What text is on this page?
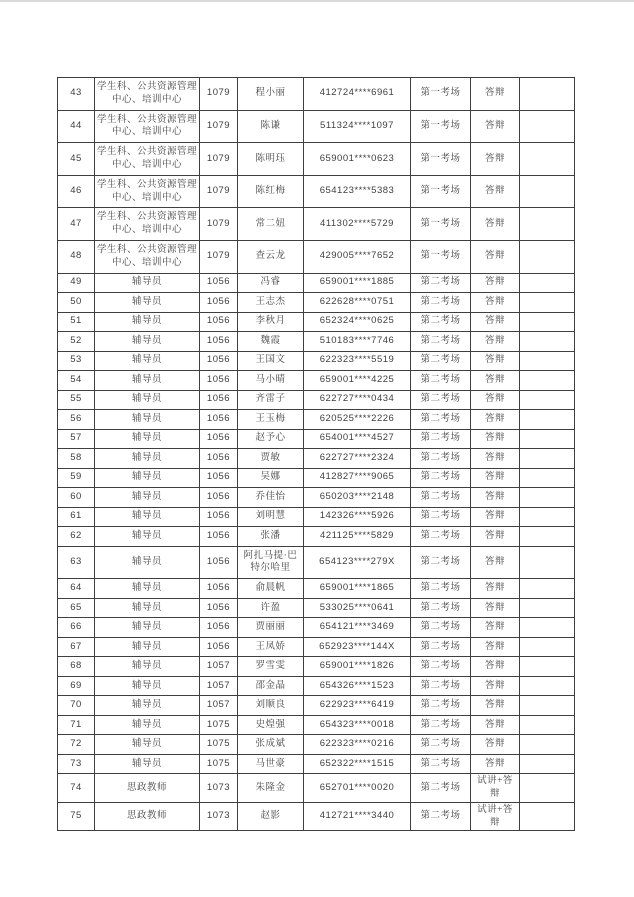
43	学生科、公共资源管理中心、培训中心	1079	程小丽	412724****6961	第一考场	答辩	
44	学生科、公共资源管理中心、培训中心	1079	陈谦	511324****1097	第一考场	答辩	
45	学生科、公共资源管理中心、培训中心	1079	陈明珏	659001****0623	第一考场	答辩	
46	学生科、公共资源管理中心、培训中心	1079	陈红梅	654123****5383	第一考场	答辩	
47	学生科、公共资源管理中心、培训中心	1079	常二妞	411302****5729	第一考场	答辩	
48	学生科、公共资源管理中心、培训中心	1079	查云龙	429005****7652	第一考场	答辩	
49	辅导员	1056	冯睿	659001****1885	第二考场	答辩	
50	辅导员	1056	王志杰	622628****0751	第二考场	答辩	
51	辅导员	1056	李秋月	652324****0625	第二考场	答辩	
52	辅导员	1056	魏霞	510183****7746	第二考场	答辩	
53	辅导员	1056	王国文	622323****5519	第二考场	答辩	
54	辅导员	1056	马小晴	659001****4225	第二考场	答辩	
55	辅导员	1056	齐雷子	622727****0434	第二考场	答辩	
56	辅导员	1056	王玉梅	620525****2226	第二考场	答辩	
57	辅导员	1056	赵予心	654001****4527	第二考场	答辩	
58	辅导员	1056	贾敏	622727****2324	第二考场	答辩	
59	辅导员	1056	吴娜	412827****9065	第二考场	答辩	
60	辅导员	1056	乔佳怡	650203****2148	第二考场	答辩	
61	辅导员	1056	刘明慧	142326****5926	第二考场	答辩	
62	辅导员	1056	张潘	421125****5829	第二考场	答辩	
63	辅导员	1056	阿扎马提·巴特尔哈里	654123****279X	第二考场	答辩	
64	辅导员	1056	俞晨帆	659001****1865	第二考场	答辩	
65	辅导员	1056	许盈	533025****0641	第二考场	答辩	
66	辅导员	1056	贾丽丽	654121****3469	第二考场	答辩	
67	辅导员	1056	王凤娇	652923****144X	第二考场	答辩	
68	辅导员	1057	罗雪雯	659001****1826	第二考场	答辩	
69	辅导员	1057	邵金晶	654326****1523	第二考场	答辩	
70	辅导员	1057	刘顺良	622923****6419	第二考场	答辩	
71	辅导员	1075	史煌强	654323****0018	第二考场	答辩	
72	辅导员	1075	张成斌	622323****0216	第二考场	答辩	
73	辅导员	1075	马世豪	652322****1515	第二考场	答辩	
74	思政教师	1073	朱隆金	652701****0020	第二考场	试讲+答辩	
75	思政教师	1073	赵影	412721****3440	第二考场	试讲+答辩	
